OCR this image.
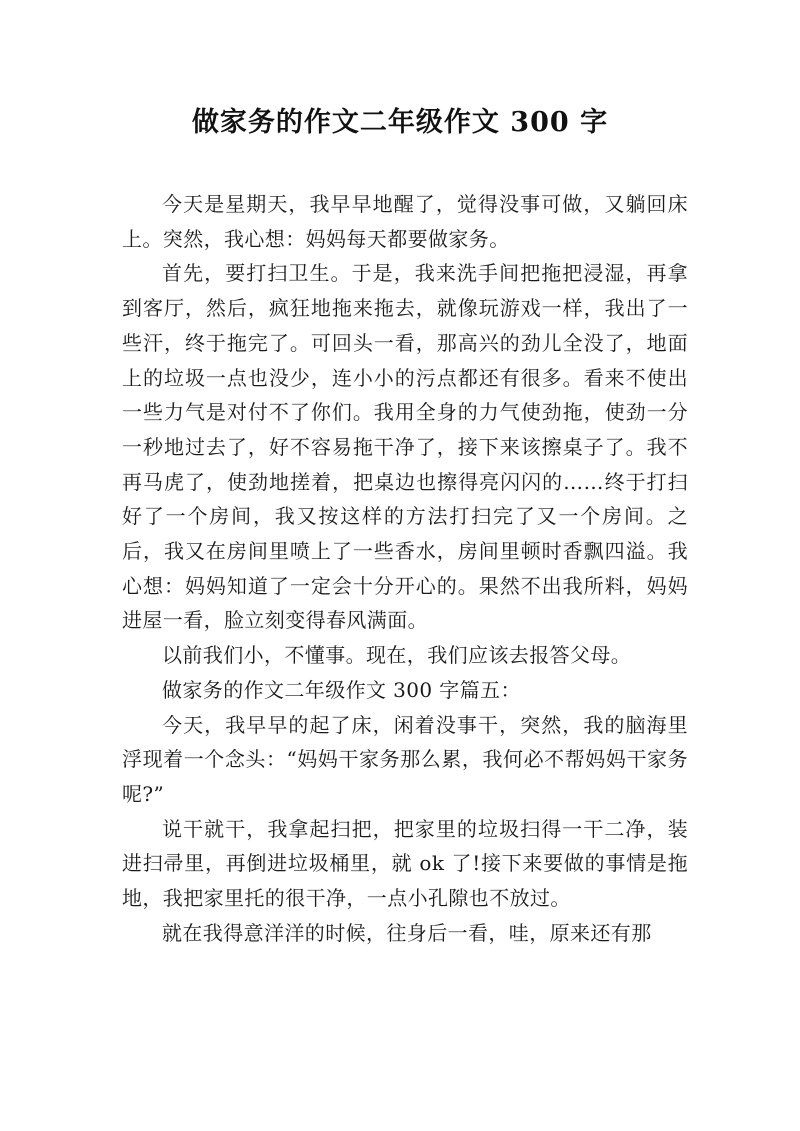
做家务的作文二年级作文 300 字

今天是星期天，我早早地醒了，觉得没事可做，又躺回床上。突然，我心想：妈妈每天都要做家务。

首先，要打扫卫生。于是，我来洗手间把拖把浸湿，再拿到客厅，然后，疯狂地拖来拖去，就像玩游戏一样，我出了一些汗，终于拖完了。可回头一看，那高兴的劲儿全没了，地面上的垃圾一点也没少，连小小的污点都还有很多。看来不使出一些力气是对付不了你们。我用全身的力气使劲拖，使劲一分一秒地过去了，好不容易拖干净了，接下来该擦桌子了。我不再马虎了，使劲地搓着，把桌边也擦得亮闪闪的……终于打扫好了一个房间，我又按这样的方法打扫完了又一个房间。之后，我又在房间里喷上了一些香水，房间里顿时香飘四溢。我心想：妈妈知道了一定会十分开心的。果然不出我所料，妈妈进屋一看，脸立刻变得春风满面。

以前我们小，不懂事。现在，我们应该去报答父母。

做家务的作文二年级作文 300 字篇五：

今天，我早早的起了床，闲着没事干，突然，我的脑海里浮现着一个念头：“妈妈干家务那么累，我何必不帮妈妈干家务呢?”

说干就干，我拿起扫把，把家里的垃圾扫得一干二净，装进扫帚里，再倒进垃圾桶里，就 ok 了!接下来要做的事情是拖地，我把家里托的很干净，一点小孔隙也不放过。

就在我得意洋洋的时候，往身后一看，哇，原来还有那
